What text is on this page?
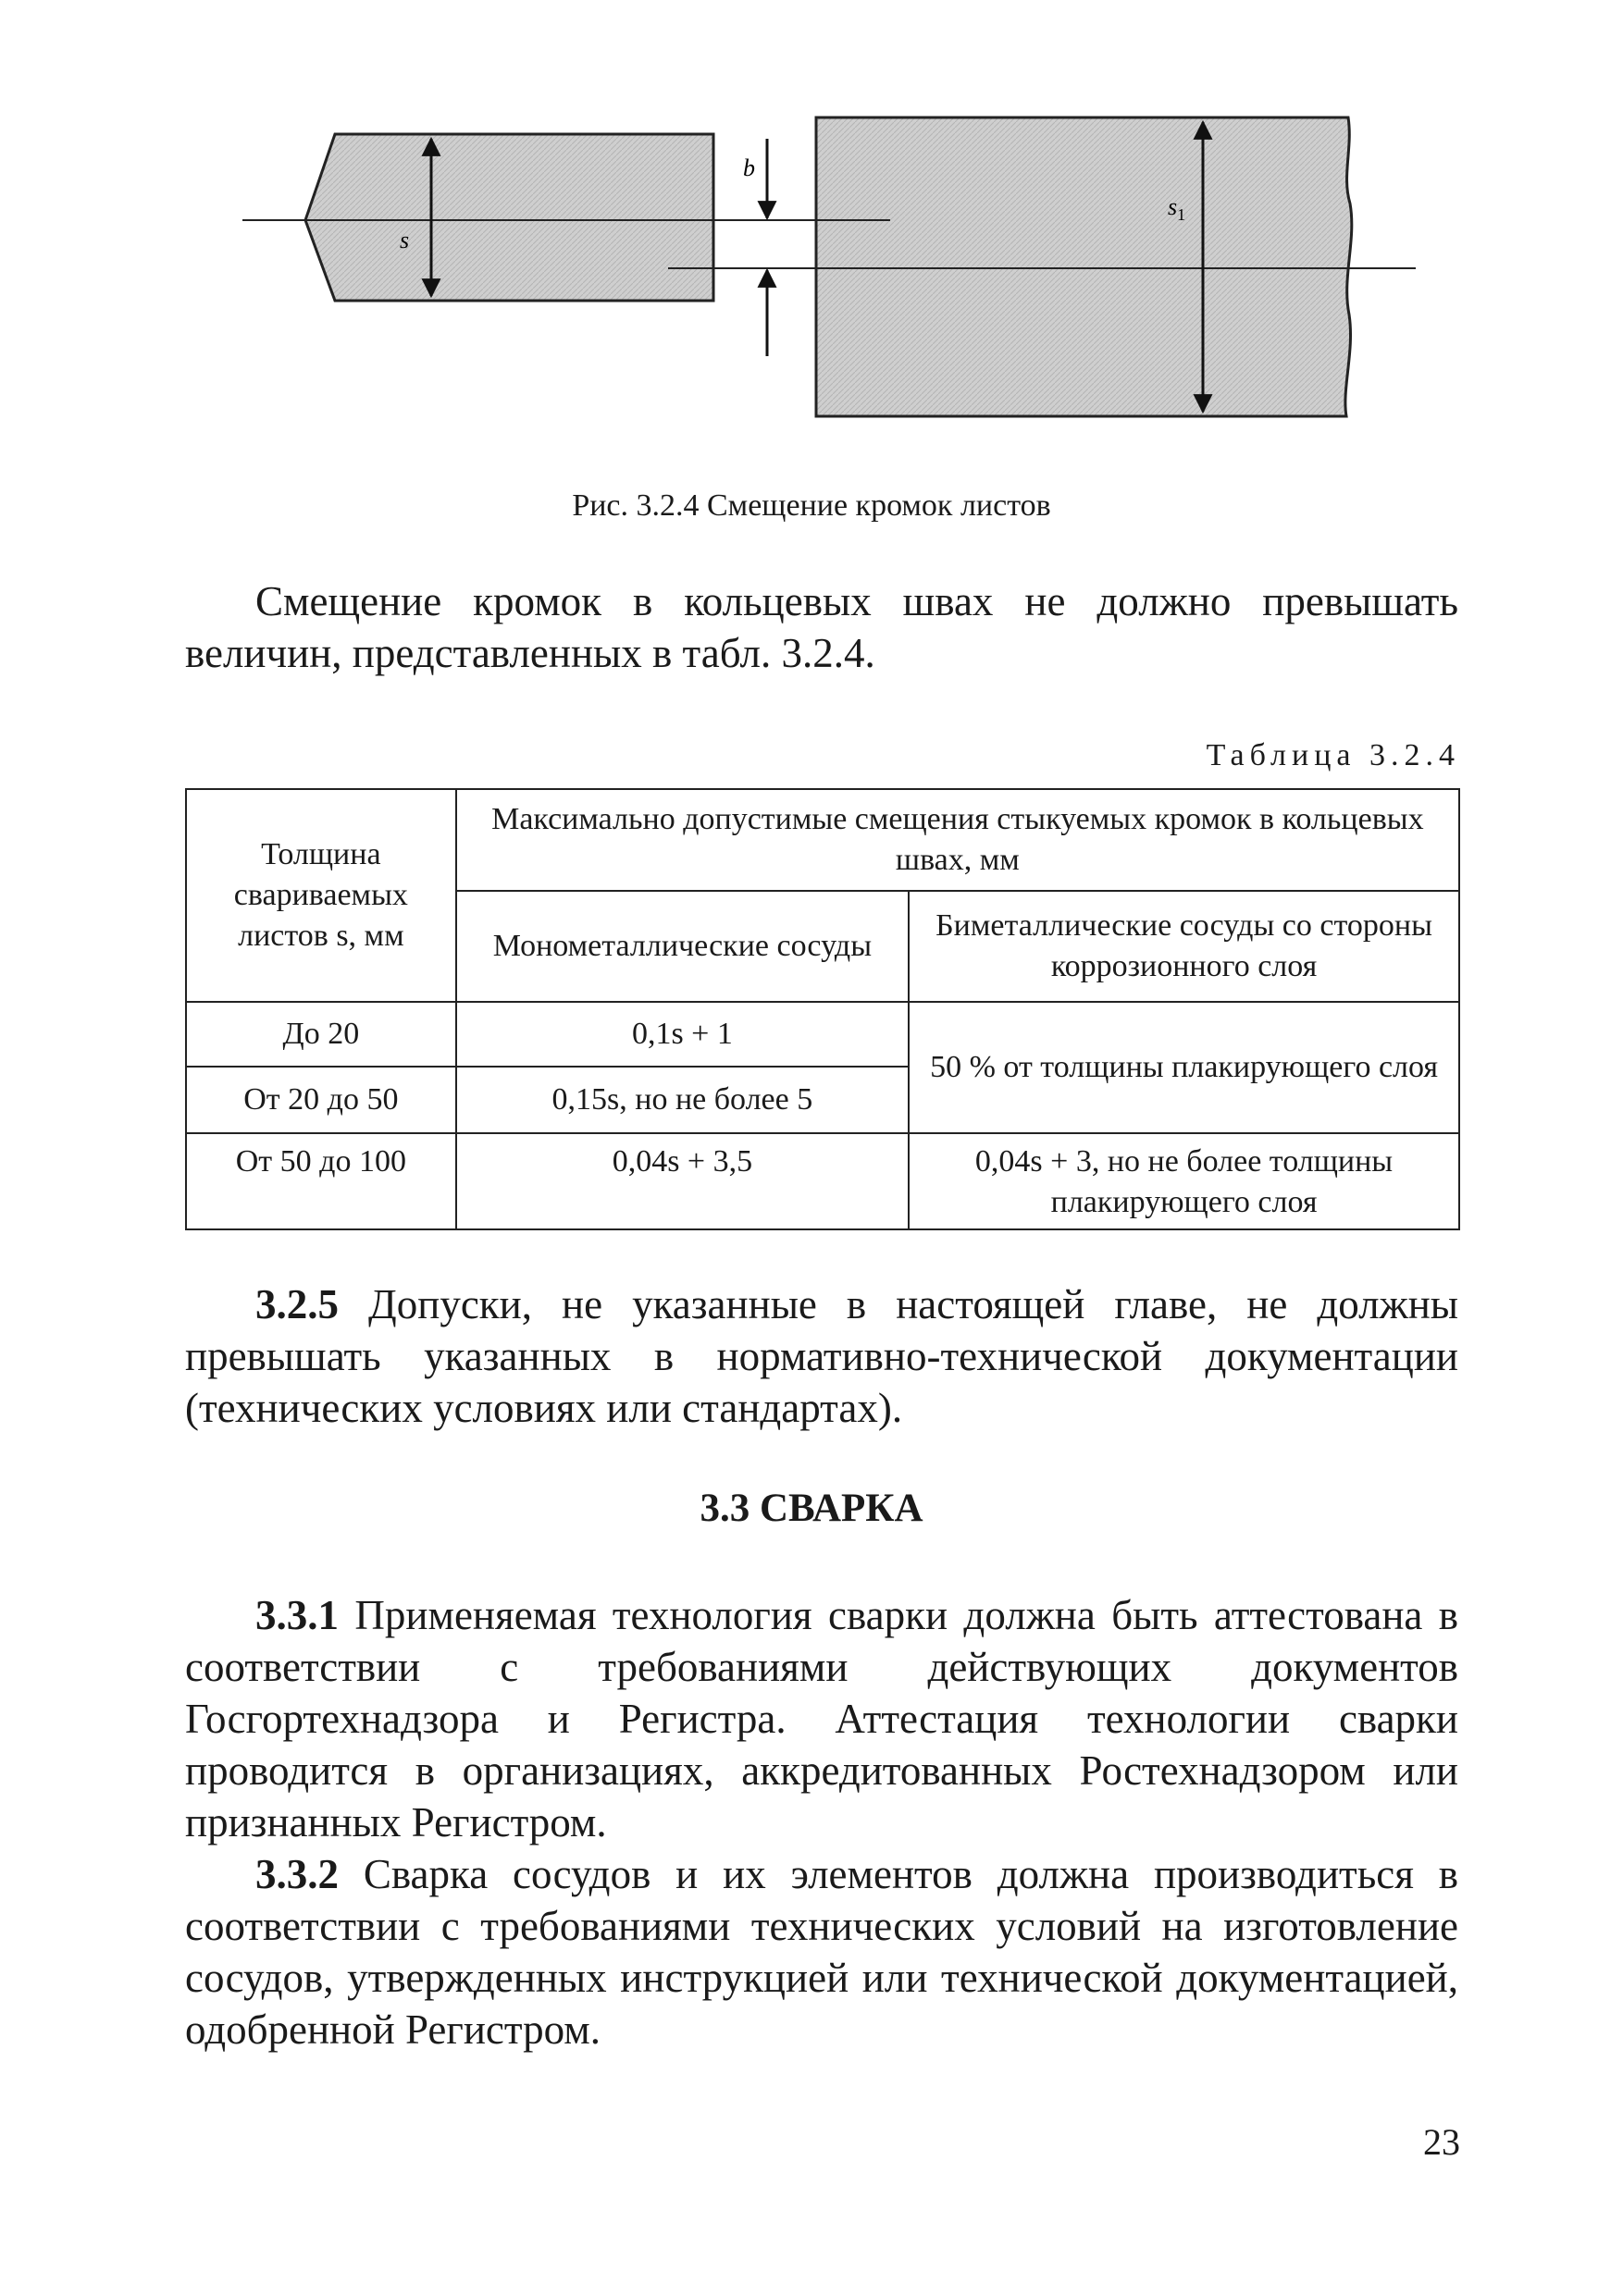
s
$s_1$
b
Рис. 3.2.4 Смещение кромок листов

Смещение кромок в кольцевых швах не должно превышать величин, представленных в табл. 3.2.4.

Таблица 3.2.4
Толщина свариваемых листов s, мм	Максимально допустимые смещения стыкуемых кромок в кольцевых швах, мм	
	Монометаллические сосуды	Биметаллические сосуды со стороны коррозионного слоя
До 20	0,1s + 1	50 % от толщины плакирующего слоя
От 20 до 50	0,15s, но не более 5	
От 50 до 100	0,04s + 3,5	0,04s + 3, но не более толщины плакирующего слоя

3.2.5 Допуски, не указанные в настоящей главе, не должны превышать указанных в нормативно-технической документации (технических условиях или стандартах).

3.3 СВАРКА

3.3.1 Применяемая технология сварки должна быть аттестована в соответствии с требованиями действующих документов Госгортехнадзора и Регистра. Аттестация технологии сварки проводится в организациях, аккредитованных Ростехнадзором или признанных Регистром.

3.3.2 Сварка сосудов и их элементов должна производиться в соответствии с требованиями технических условий на изготовление сосудов, утвержденных инструкцией или технической документацией, одобренной Регистром.

23
